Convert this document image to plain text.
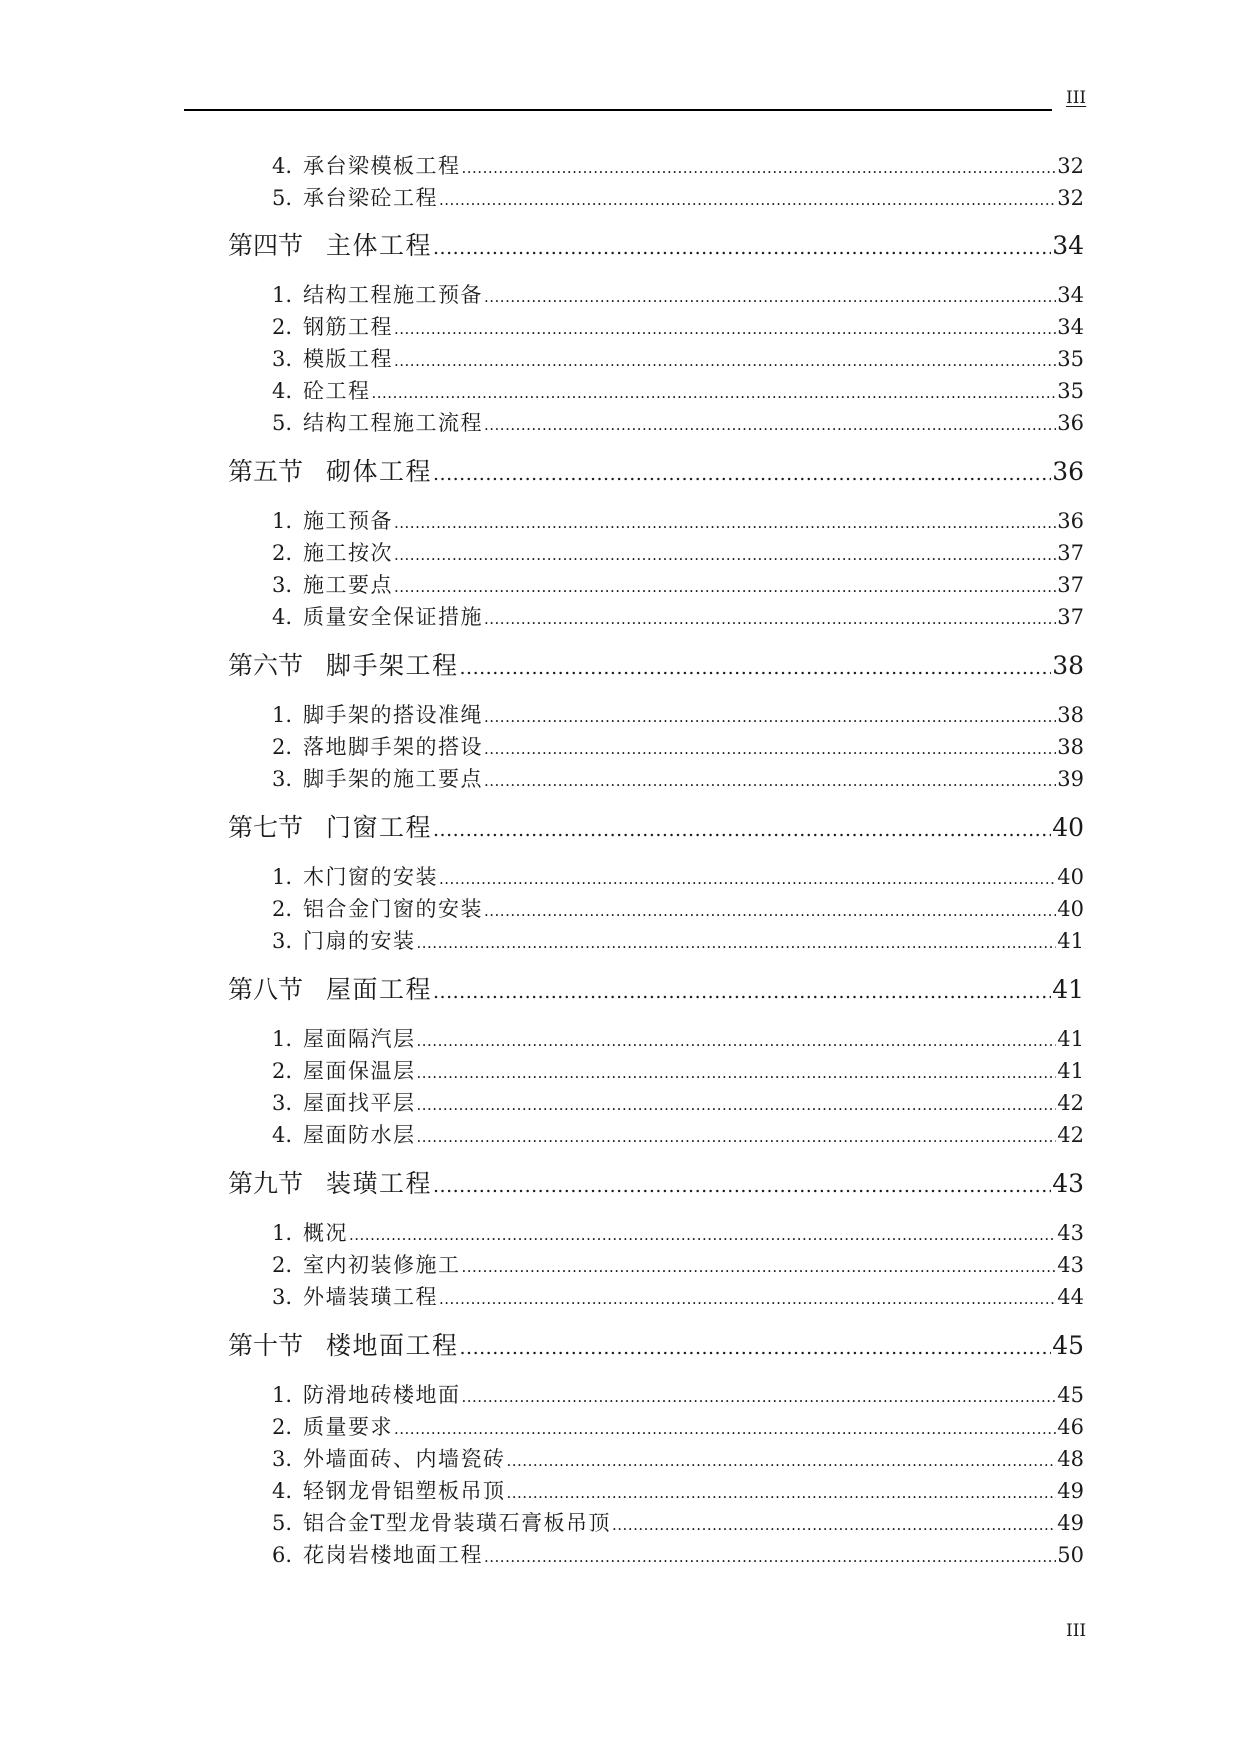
III
4. 承台梁模板工程 .....	32
5. 承台梁砼工程 .....	32
第四节 主体工程 .....	34
1. 结构工程施工预备 .....	34
2. 钢筋工程 .....	34
3. 模版工程 .....	35
4. 砼工程 .....	35
5. 结构工程施工流程 .....	36
第五节 砌体工程 .....	36
1. 施工预备 .....	36
2. 施工按次 .....	37
3. 施工要点 .....	37
4. 质量安全保证措施 .....	37
第六节 脚手架工程 .....	38
1. 脚手架的搭设准绳 .....	38
2. 落地脚手架的搭设 .....	38
3. 脚手架的施工要点 .....	39
第七节 门窗工程 .....	40
1. 木门窗的安装 .....	40
2. 铝合金门窗的安装 .....	40
3. 门扇的安装 .....	41
第八节 屋面工程 .....	41
1. 屋面隔汽层 .....	41
2. 屋面保温层 .....	41
3. 屋面找平层 .....	42
4. 屋面防水层 .....	42
第九节 装璜工程 .....	43
1. 概况 .....	43
2. 室内初装修施工 .....	43
3. 外墙装璜工程 .....	44
第十节 楼地面工程 .....	45
1. 防滑地砖楼地面 .....	45
2. 质量要求 .....	46
3. 外墙面砖、内墙瓷砖 .....	48
4. 轻钢龙骨铝塑板吊顶 .....	49
5. 铝合金T型龙骨装璜石膏板吊顶 .....	49
6. 花岗岩楼地面工程 .....	50
III
